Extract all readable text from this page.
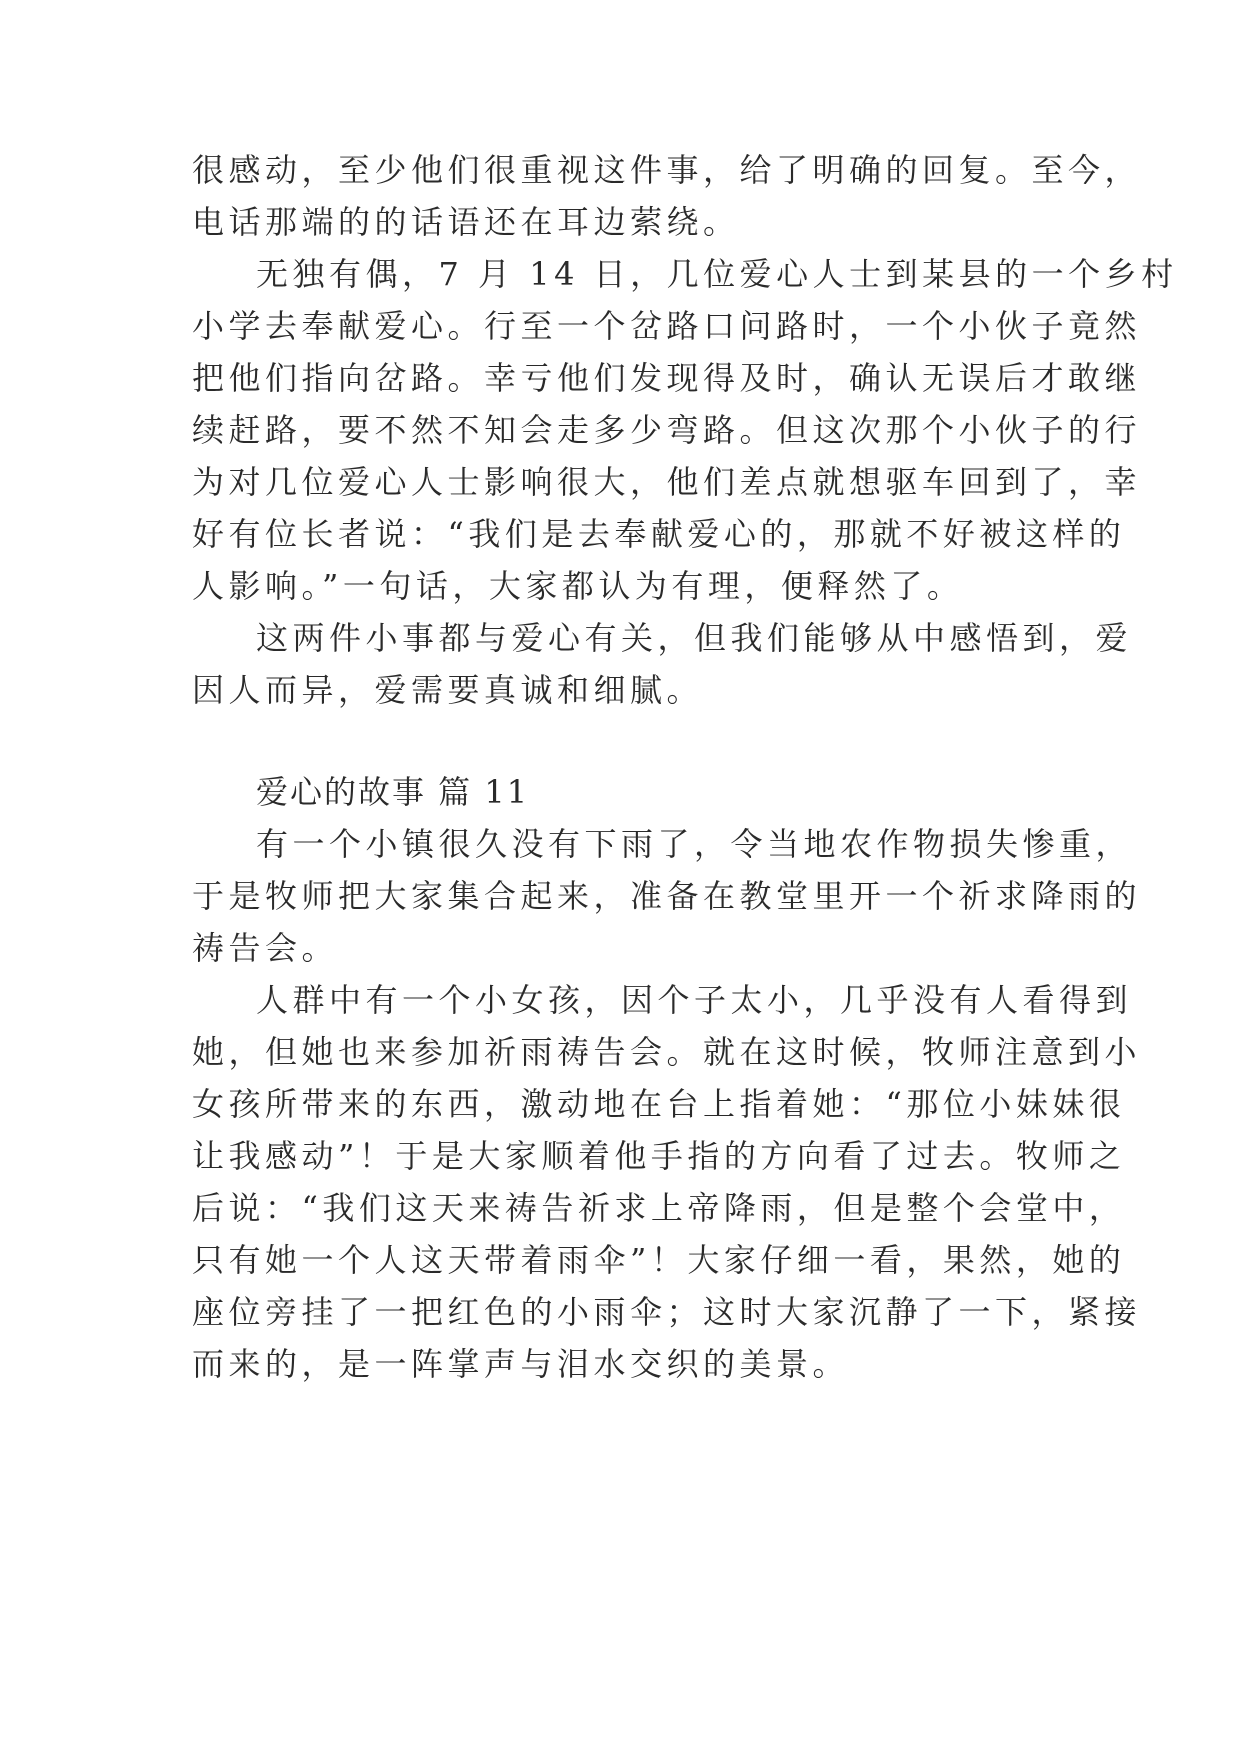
很感动，至少他们很重视这件事，给了明确的回复。至今，
电话那端的的话语还在耳边萦绕。
无独有偶，7 月 14 日，几位爱心人士到某县的一个乡村
小学去奉献爱心。行至一个岔路口问路时，一个小伙子竟然
把他们指向岔路。幸亏他们发现得及时，确认无误后才敢继
续赶路，要不然不知会走多少弯路。但这次那个小伙子的行
为对几位爱心人士影响很大，他们差点就想驱车回到了，幸
好有位长者说：“我们是去奉献爱心的，那就不好被这样的
人影响。”一句话，大家都认为有理，便释然了。
这两件小事都与爱心有关，但我们能够从中感悟到，爱
因人而异，爱需要真诚和细腻。
爱心的故事 篇 11
有一个小镇很久没有下雨了，令当地农作物损失惨重，
于是牧师把大家集合起来，准备在教堂里开一个祈求降雨的
祷告会。
人群中有一个小女孩，因个子太小，几乎没有人看得到
她，但她也来参加祈雨祷告会。就在这时候，牧师注意到小
女孩所带来的东西，激动地在台上指着她：“那位小妹妹很
让我感动”！于是大家顺着他手指的方向看了过去。牧师之
后说：“我们这天来祷告祈求上帝降雨，但是整个会堂中，
只有她一个人这天带着雨伞”！大家仔细一看，果然，她的
座位旁挂了一把红色的小雨伞；这时大家沉静了一下，紧接
而来的，是一阵掌声与泪水交织的美景。
